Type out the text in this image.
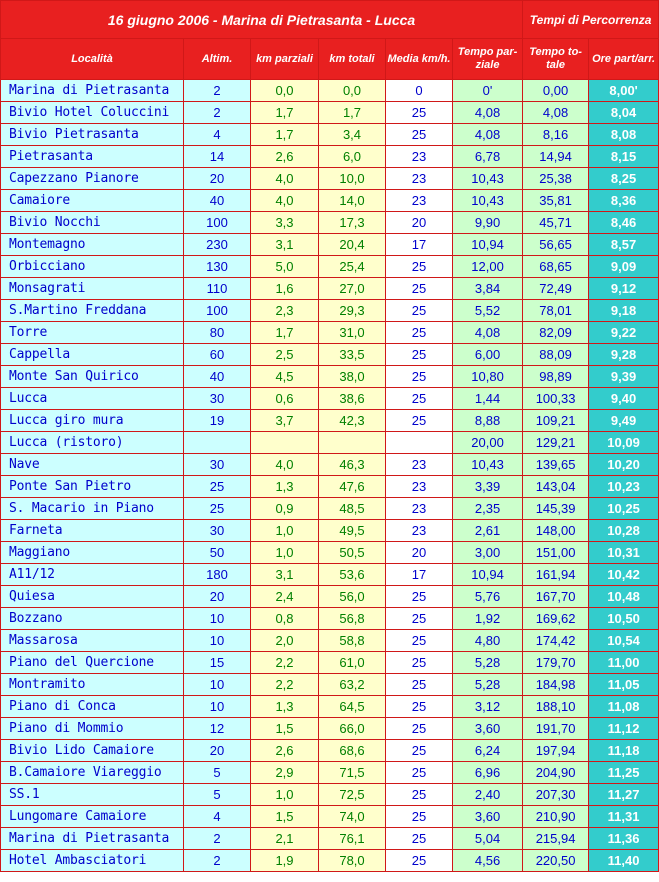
16 giugno 2006 - Marina di Pietrasanta - Lucca						Tempi di Percorrenza	
Località	Altim.	km parziali	km totali	Media km/h.	Tempo par- ziale	Tempo to- tale	Ore part/arr.
Marina di Pietrasanta	2	0,0	0,0	0	0'	0,00	8,00'
Bivio Hotel Coluccini	2	1,7	1,7	25	4,08	4,08	8,04
Bivio Pietrasanta	4	1,7	3,4	25	4,08	8,16	8,08
Pietrasanta	14	2,6	6,0	23	6,78	14,94	8,15
Capezzano Pianore	20	4,0	10,0	23	10,43	25,38	8,25
Camaiore	40	4,0	14,0	23	10,43	35,81	8,36
Bivio Nocchi	100	3,3	17,3	20	9,90	45,71	8,46
Montemagno	230	3,1	20,4	17	10,94	56,65	8,57
Orbicciano	130	5,0	25,4	25	12,00	68,65	9,09
Monsagrati	110	1,6	27,0	25	3,84	72,49	9,12
S.Martino Freddana	100	2,3	29,3	25	5,52	78,01	9,18
Torre	80	1,7	31,0	25	4,08	82,09	9,22
Cappella	60	2,5	33,5	25	6,00	88,09	9,28
Monte San Quirico	40	4,5	38,0	25	10,80	98,89	9,39
Lucca	30	0,6	38,6	25	1,44	100,33	9,40
Lucca giro mura	19	3,7	42,3	25	8,88	109,21	9,49
Lucca (ristoro)					20,00	129,21	10,09
Nave	30	4,0	46,3	23	10,43	139,65	10,20
Ponte San Pietro	25	1,3	47,6	23	3,39	143,04	10,23
S. Macario in Piano	25	0,9	48,5	23	2,35	145,39	10,25
Farneta	30	1,0	49,5	23	2,61	148,00	10,28
Maggiano	50	1,0	50,5	20	3,00	151,00	10,31
A11/12	180	3,1	53,6	17	10,94	161,94	10,42
Quiesa	20	2,4	56,0	25	5,76	167,70	10,48
Bozzano	10	0,8	56,8	25	1,92	169,62	10,50
Massarosa	10	2,0	58,8	25	4,80	174,42	10,54
Piano del Quercione	15	2,2	61,0	25	5,28	179,70	11,00
Montramito	10	2,2	63,2	25	5,28	184,98	11,05
Piano di Conca	10	1,3	64,5	25	3,12	188,10	11,08
Piano di Mommio	12	1,5	66,0	25	3,60	191,70	11,12
Bivio Lido Camaiore	20	2,6	68,6	25	6,24	197,94	11,18
B.Camaiore Viareggio	5	2,9	71,5	25	6,96	204,90	11,25
SS.1	5	1,0	72,5	25	2,40	207,30	11,27
Lungomare Camaiore	4	1,5	74,0	25	3,60	210,90	11,31
Marina di Pietrasanta	2	2,1	76,1	25	5,04	215,94	11,36
Hotel Ambasciatori	2	1,9	78,0	25	4,56	220,50	11,40
